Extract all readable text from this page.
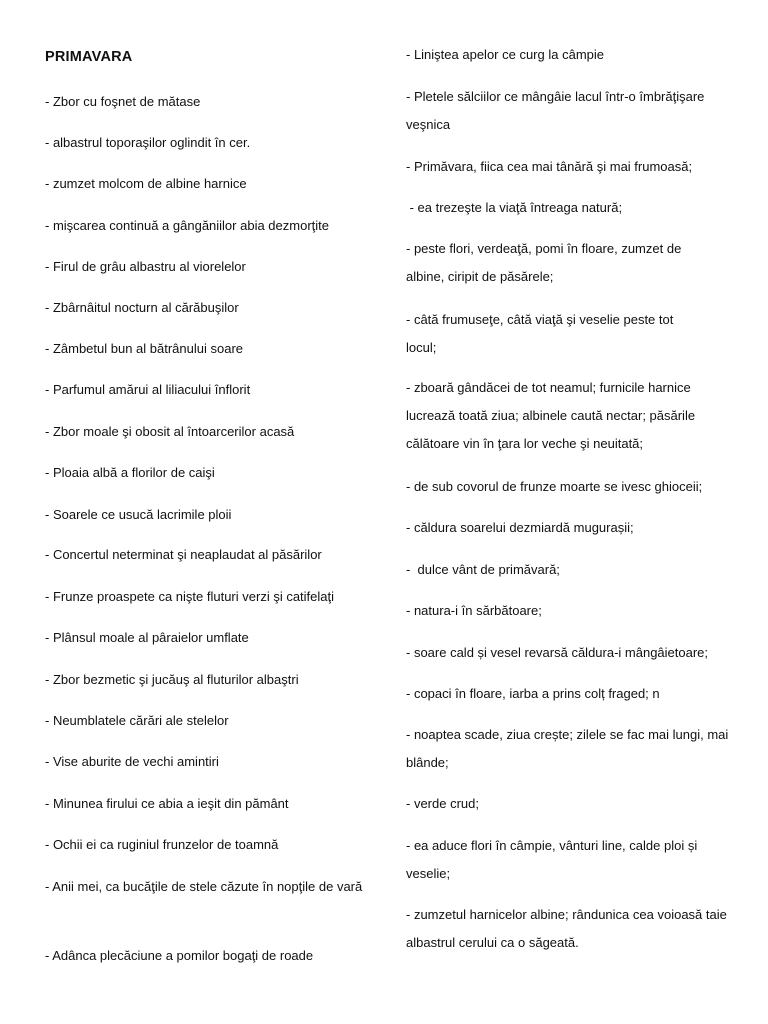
PRIMAVARA
- Zbor cu foşnet de mătase
- albastrul toporaşilor oglindit în cer.
- zumzet molcom de albine harnice
- mişcarea continuă a gângăniilor abia dezmorţite
- Firul de grâu albastru al viorelelor
- Zbârnâitul nocturn al cărăbuşilor
- Zâmbetul bun al bătrânului soare
- Parfumul amărui al liliacului înflorit
- Zbor moale şi obosit al întoarcerilor acasă
- Ploaia albă a florilor de caişi
- Soarele ce usucă lacrimile ploii
- Concertul neterminat şi neaplaudat al păsărilor
- Frunze proaspete ca nişte fluturi verzi şi catifelaţi
- Plânsul moale al pâraielor umflate
- Zbor bezmetic şi jucăuş al fluturilor albaştri
- Neumblatele cărări ale stelelor
- Vise aburite de vechi amintiri
- Minunea firului ce abia a ieşit din pământ
- Ochii ei ca ruginiul frunzelor de toamnă
- Anii mei, ca bucăţile de stele căzute în nopţile de vară
- Adânca plecăciune a pomilor bogaţi de roade
- Liniştea apelor ce curg la câmpie
- Pletele sălciilor ce mângâie lacul într-o îmbrăţişare veşnica
- Primăvara, fiica cea mai tânără şi mai frumoasă;
- ea trezeşte la viaţă întreaga natură;
- peste flori, verdeaţă, pomi în floare, zumzet de albine, ciripit de păsărele;
- câtă frumuseţe, câtă viaţă şi veselie peste tot locul;
- zboară gândăcei de tot neamul; furnicile harnice lucrează toată ziua; albinele caută nectar; păsările călătoare vin în ţara lor veche şi neuitată;
- de sub covorul de frunze moarte se ivesc ghioceii;
- căldura soarelui dezmiardă mugurașii;
-  dulce vânt de primăvară;
- natura-i în sărbătoare;
- soare cald și vesel revarsă căldura-i mângâietoare;
- copaci în floare, iarba a prins colț fraged; n
- noaptea scade, ziua crește; zilele se fac mai lungi, mai blânde;
- verde crud;
- ea aduce flori în câmpie, vânturi line, calde ploi și veselie;
- zumzetul harnicelor albine; rândunica cea voioasă taie albastrul cerului ca o săgeată.
